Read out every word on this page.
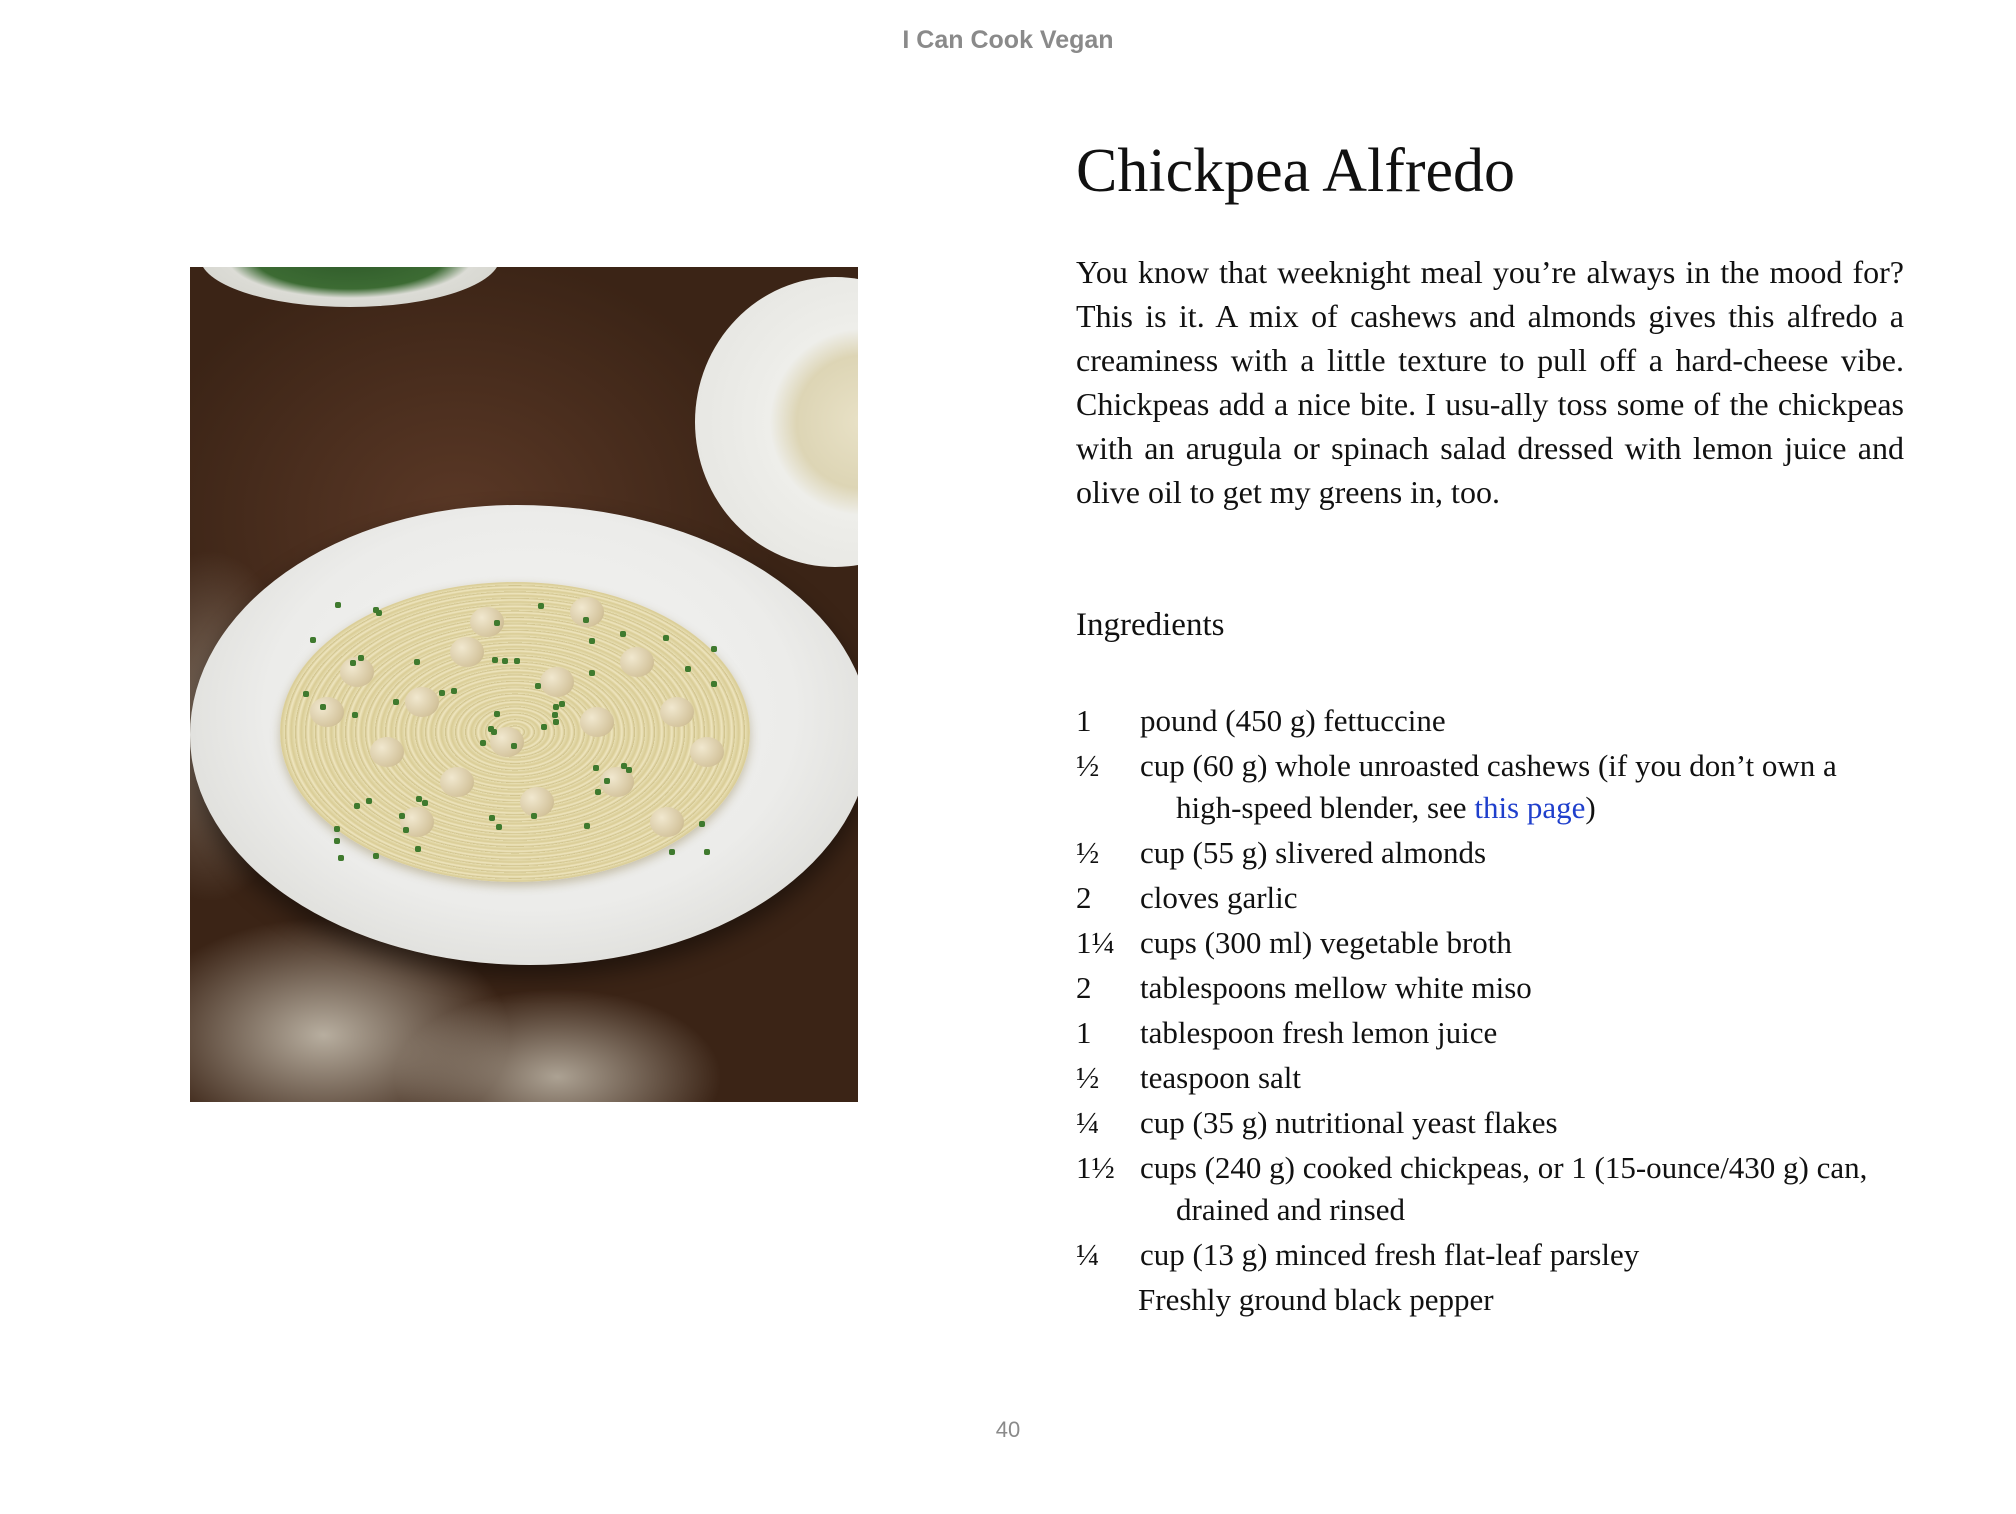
I Can Cook Vegan
Chickpea Alfredo

You know that weeknight meal you’re always in the mood for? This is it. A mix of cashews and almonds gives this alfredo a creaminess with a little texture to pull off a hard-cheese vibe. Chickpeas add a nice bite. I usu-ally toss some of the chickpeas with an arugula or spinach salad dressed with lemon juice and olive oil to get my greens in, too.

Ingredients
1	pound (450 g) fettuccine
½	cup (60 g) whole unroasted cashews (if you don’t own a
high-speed blender, see this page)
½	cup (55 g) slivered almonds
2	cloves garlic
1¼ cups (300 ml) vegetable broth
2	tablespoons mellow white miso
1	tablespoon fresh lemon juice
½	teaspoon salt
¼	cup (35 g) nutritional yeast flakes
1½ cups (240 g) cooked chickpeas, or 1 (15-ounce/430 g) can,
drained and rinsed
¼	cup (13 g) minced fresh flat-leaf parsley
Freshly ground black pepper
40
